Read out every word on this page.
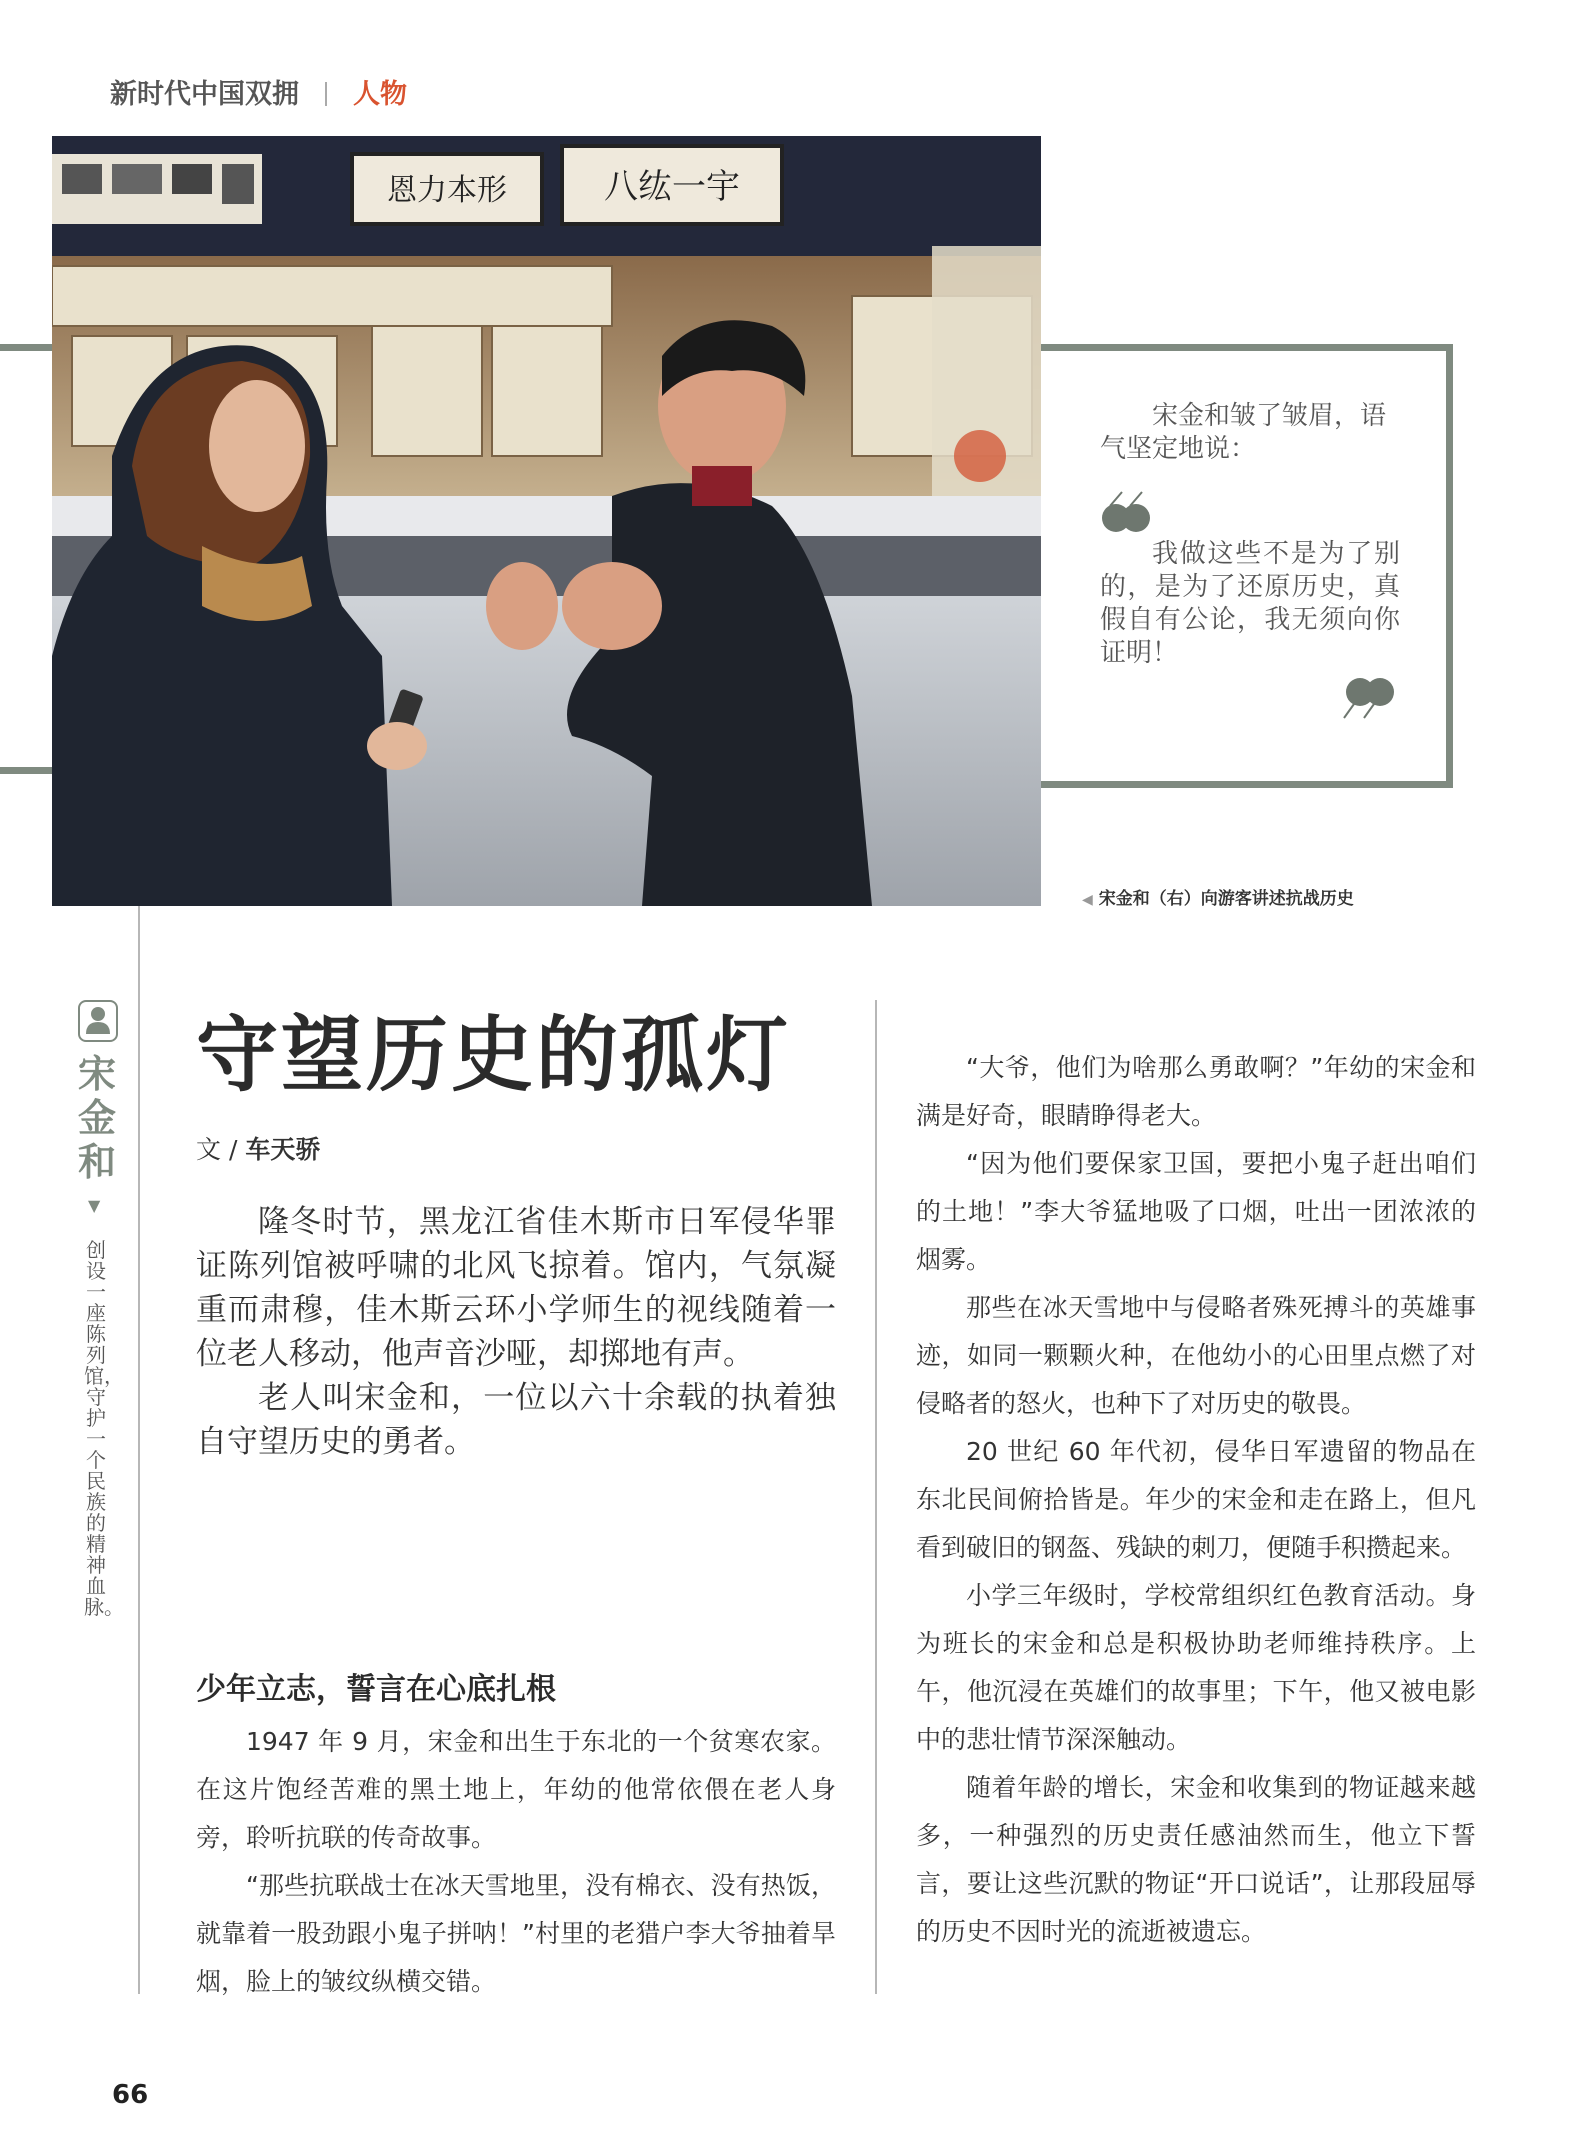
新时代中国双拥 人物
恩力本形	八纮一宇
宋金和皱了皱眉，语气坚定地说：
我做这些不是为了别的，是为了还原历史，真假自有公论，我无须向你证明！
◀ 宋金和（右）向游客讲述抗战历史
宋金和
▼
创设一座陈列馆，守护一个民族的精神血脉。
守望历史的孤灯
文 / 车天骄

隆冬时节，黑龙江省佳木斯市日军侵华罪证陈列馆被呼啸的北风飞掠着。馆内，气氛凝重而肃穆，佳木斯云环小学师生的视线随着一位老人移动，他声音沙哑，却掷地有声。

老人叫宋金和，一位以六十余载的执着独自守望历史的勇者。

少年立志，誓言在心底扎根

1947 年 9 月，宋金和出生于东北的一个贫寒农家。在这片饱经苦难的黑土地上，年幼的他常依偎在老人身旁，聆听抗联的传奇故事。

“那些抗联战士在冰天雪地里，没有棉衣、没有热饭，就靠着一股劲跟小鬼子拼呐！”村里的老猎户李大爷抽着旱烟，脸上的皱纹纵横交错。

“大爷，他们为啥那么勇敢啊？”年幼的宋金和满是好奇，眼睛睁得老大。

“因为他们要保家卫国，要把小鬼子赶出咱们的土地！”李大爷猛地吸了口烟，吐出一团浓浓的烟雾。

那些在冰天雪地中与侵略者殊死搏斗的英雄事迹，如同一颗颗火种，在他幼小的心田里点燃了对侵略者的怒火，也种下了对历史的敬畏。

20 世纪 60 年代初，侵华日军遗留的物品在东北民间俯拾皆是。年少的宋金和走在路上，但凡看到破旧的钢盔、残缺的刺刀，便随手积攒起来。

小学三年级时，学校常组织红色教育活动。身为班长的宋金和总是积极协助老师维持秩序。上午，他沉浸在英雄们的故事里；下午，他又被电影中的悲壮情节深深触动。

随着年龄的增长，宋金和收集到的物证越来越多，一种强烈的历史责任感油然而生，他立下誓言，要让这些沉默的物证“开口说话”，让那段屈辱的历史不因时光的流逝被遗忘。

66
